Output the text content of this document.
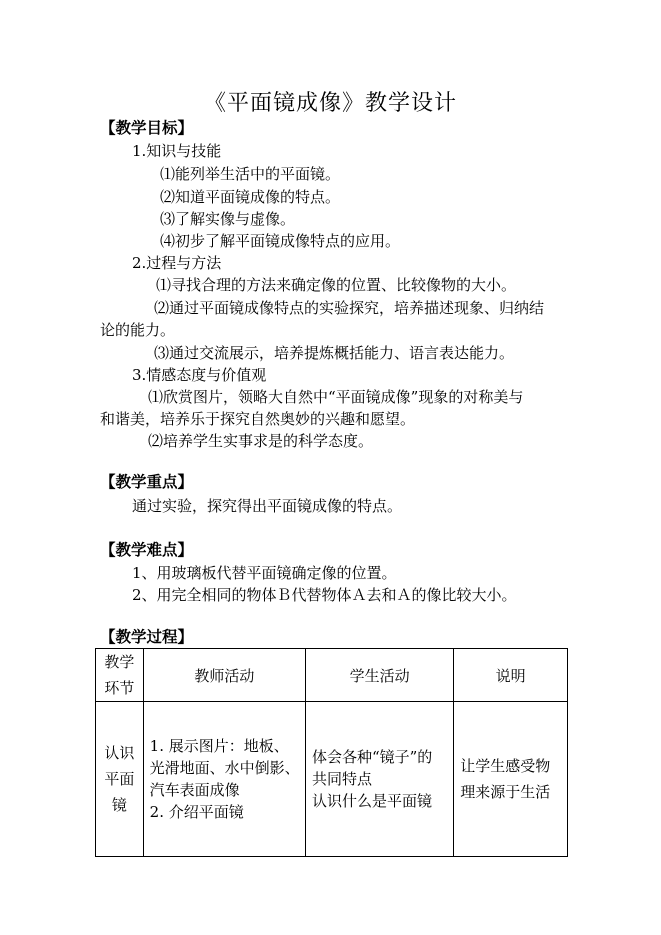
《平面镜成像》教学设计
【教学目标】
1.知识与技能
⑴能列举生活中的平面镜。
⑵知道平面镜成像的特点。
⑶了解实像与虚像。
⑷初步了解平面镜成像特点的应用。
2.过程与方法
⑴寻找合理的方法来确定像的位置、比较像物的大小。
⑵通过平面镜成像特点的实验探究，培养描述现象、归纳结
论的能力。
⑶通过交流展示，培养提炼概括能力、语言表达能力。
3.情感态度与价值观
⑴欣赏图片，领略大自然中“平面镜成像”现象的对称美与
和谐美，培养乐于探究自然奥妙的兴趣和愿望。
⑵培养学生实事求是的科学态度。
【教学重点】
通过实验，探究得出平面镜成像的特点。
【教学难点】
1、用玻璃板代替平面镜确定像的位置。
2、用完全相同的物体Ｂ代替物体Ａ去和Ａ的像比较大小。
【教学过程】
教学
环节	教师活动	学生活动	说明

认识
平面
镜	1. 展示图片：地板、
光滑地面、水中倒影、
汽车表面成像
2. 介绍平面镜	体会各种“镜子”的
共同特点
认识什么是平面镜	让学生感受物
理来源于生活
